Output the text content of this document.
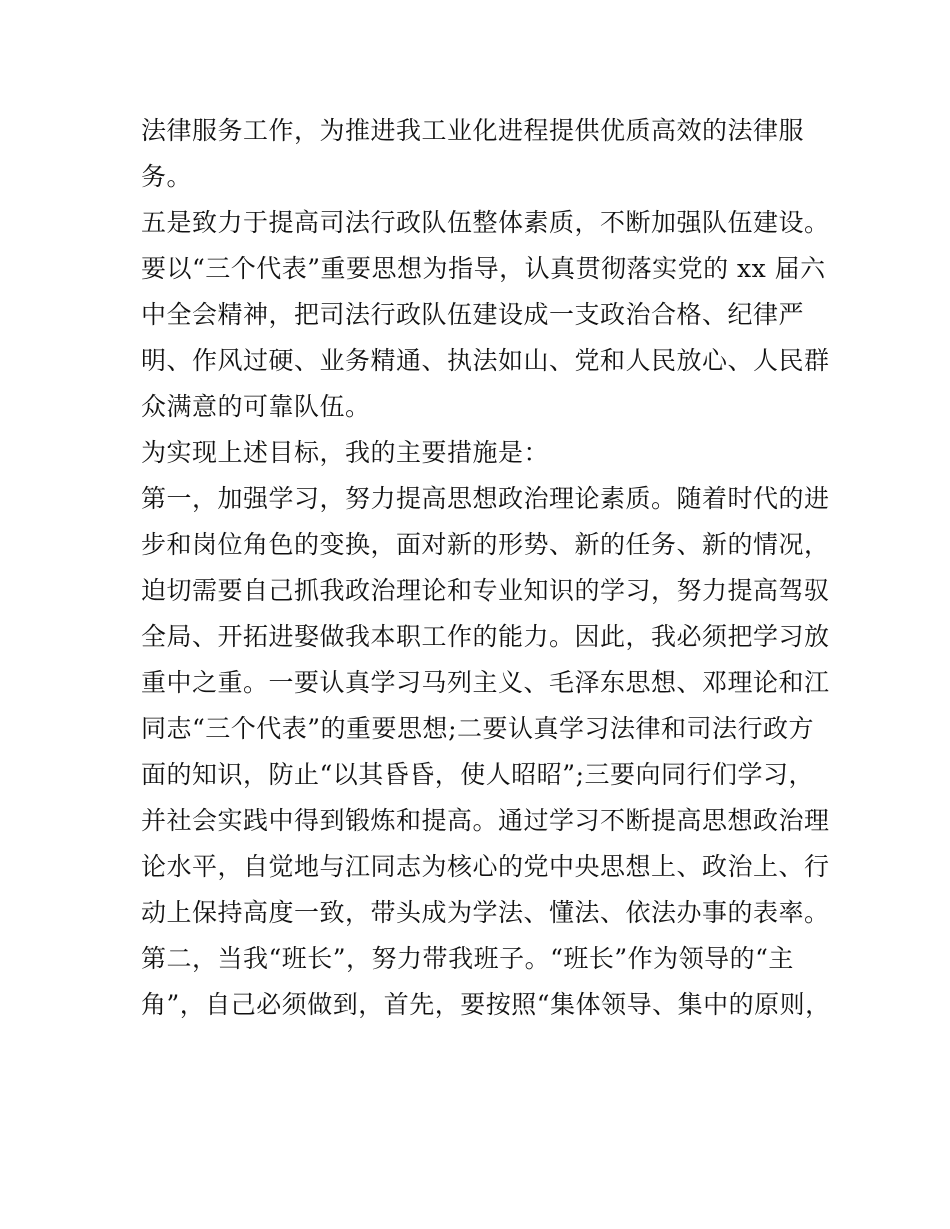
法律服务工作，为推进我工业化进程提供优质高效的法律服
务。
五是致力于提高司法行政队伍整体素质，不断加强队伍建设。
要以“三个代表”重要思想为指导，认真贯彻落实党的 xx 届六
中全会精神，把司法行政队伍建设成一支政治合格、纪律严
明、作风过硬、业务精通、执法如山、党和人民放心、人民群
众满意的可靠队伍。
为实现上述目标，我的主要措施是：
第一，加强学习，努力提高思想政治理论素质。随着时代的进
步和岗位角色的变换，面对新的形势、新的任务、新的情况，
迫切需要自己抓我政治理论和专业知识的学习，努力提高驾驭
全局、开拓进娶做我本职工作的能力。因此，我必须把学习放
重中之重。一要认真学习马列主义、毛泽东思想、邓理论和江
同志“三个代表”的重要思想;二要认真学习法律和司法行政方
面的知识，防止“以其昏昏，使人昭昭”;三要向同行们学习，
并社会实践中得到锻炼和提高。通过学习不断提高思想政治理
论水平，自觉地与江同志为核心的党中央思想上、政治上、行
动上保持高度一致，带头成为学法、懂法、依法办事的表率。
第二，当我“班长”，努力带我班子。“班长”作为领导的“主
角”，自己必须做到，首先，要按照“集体领导、集中的原则，
